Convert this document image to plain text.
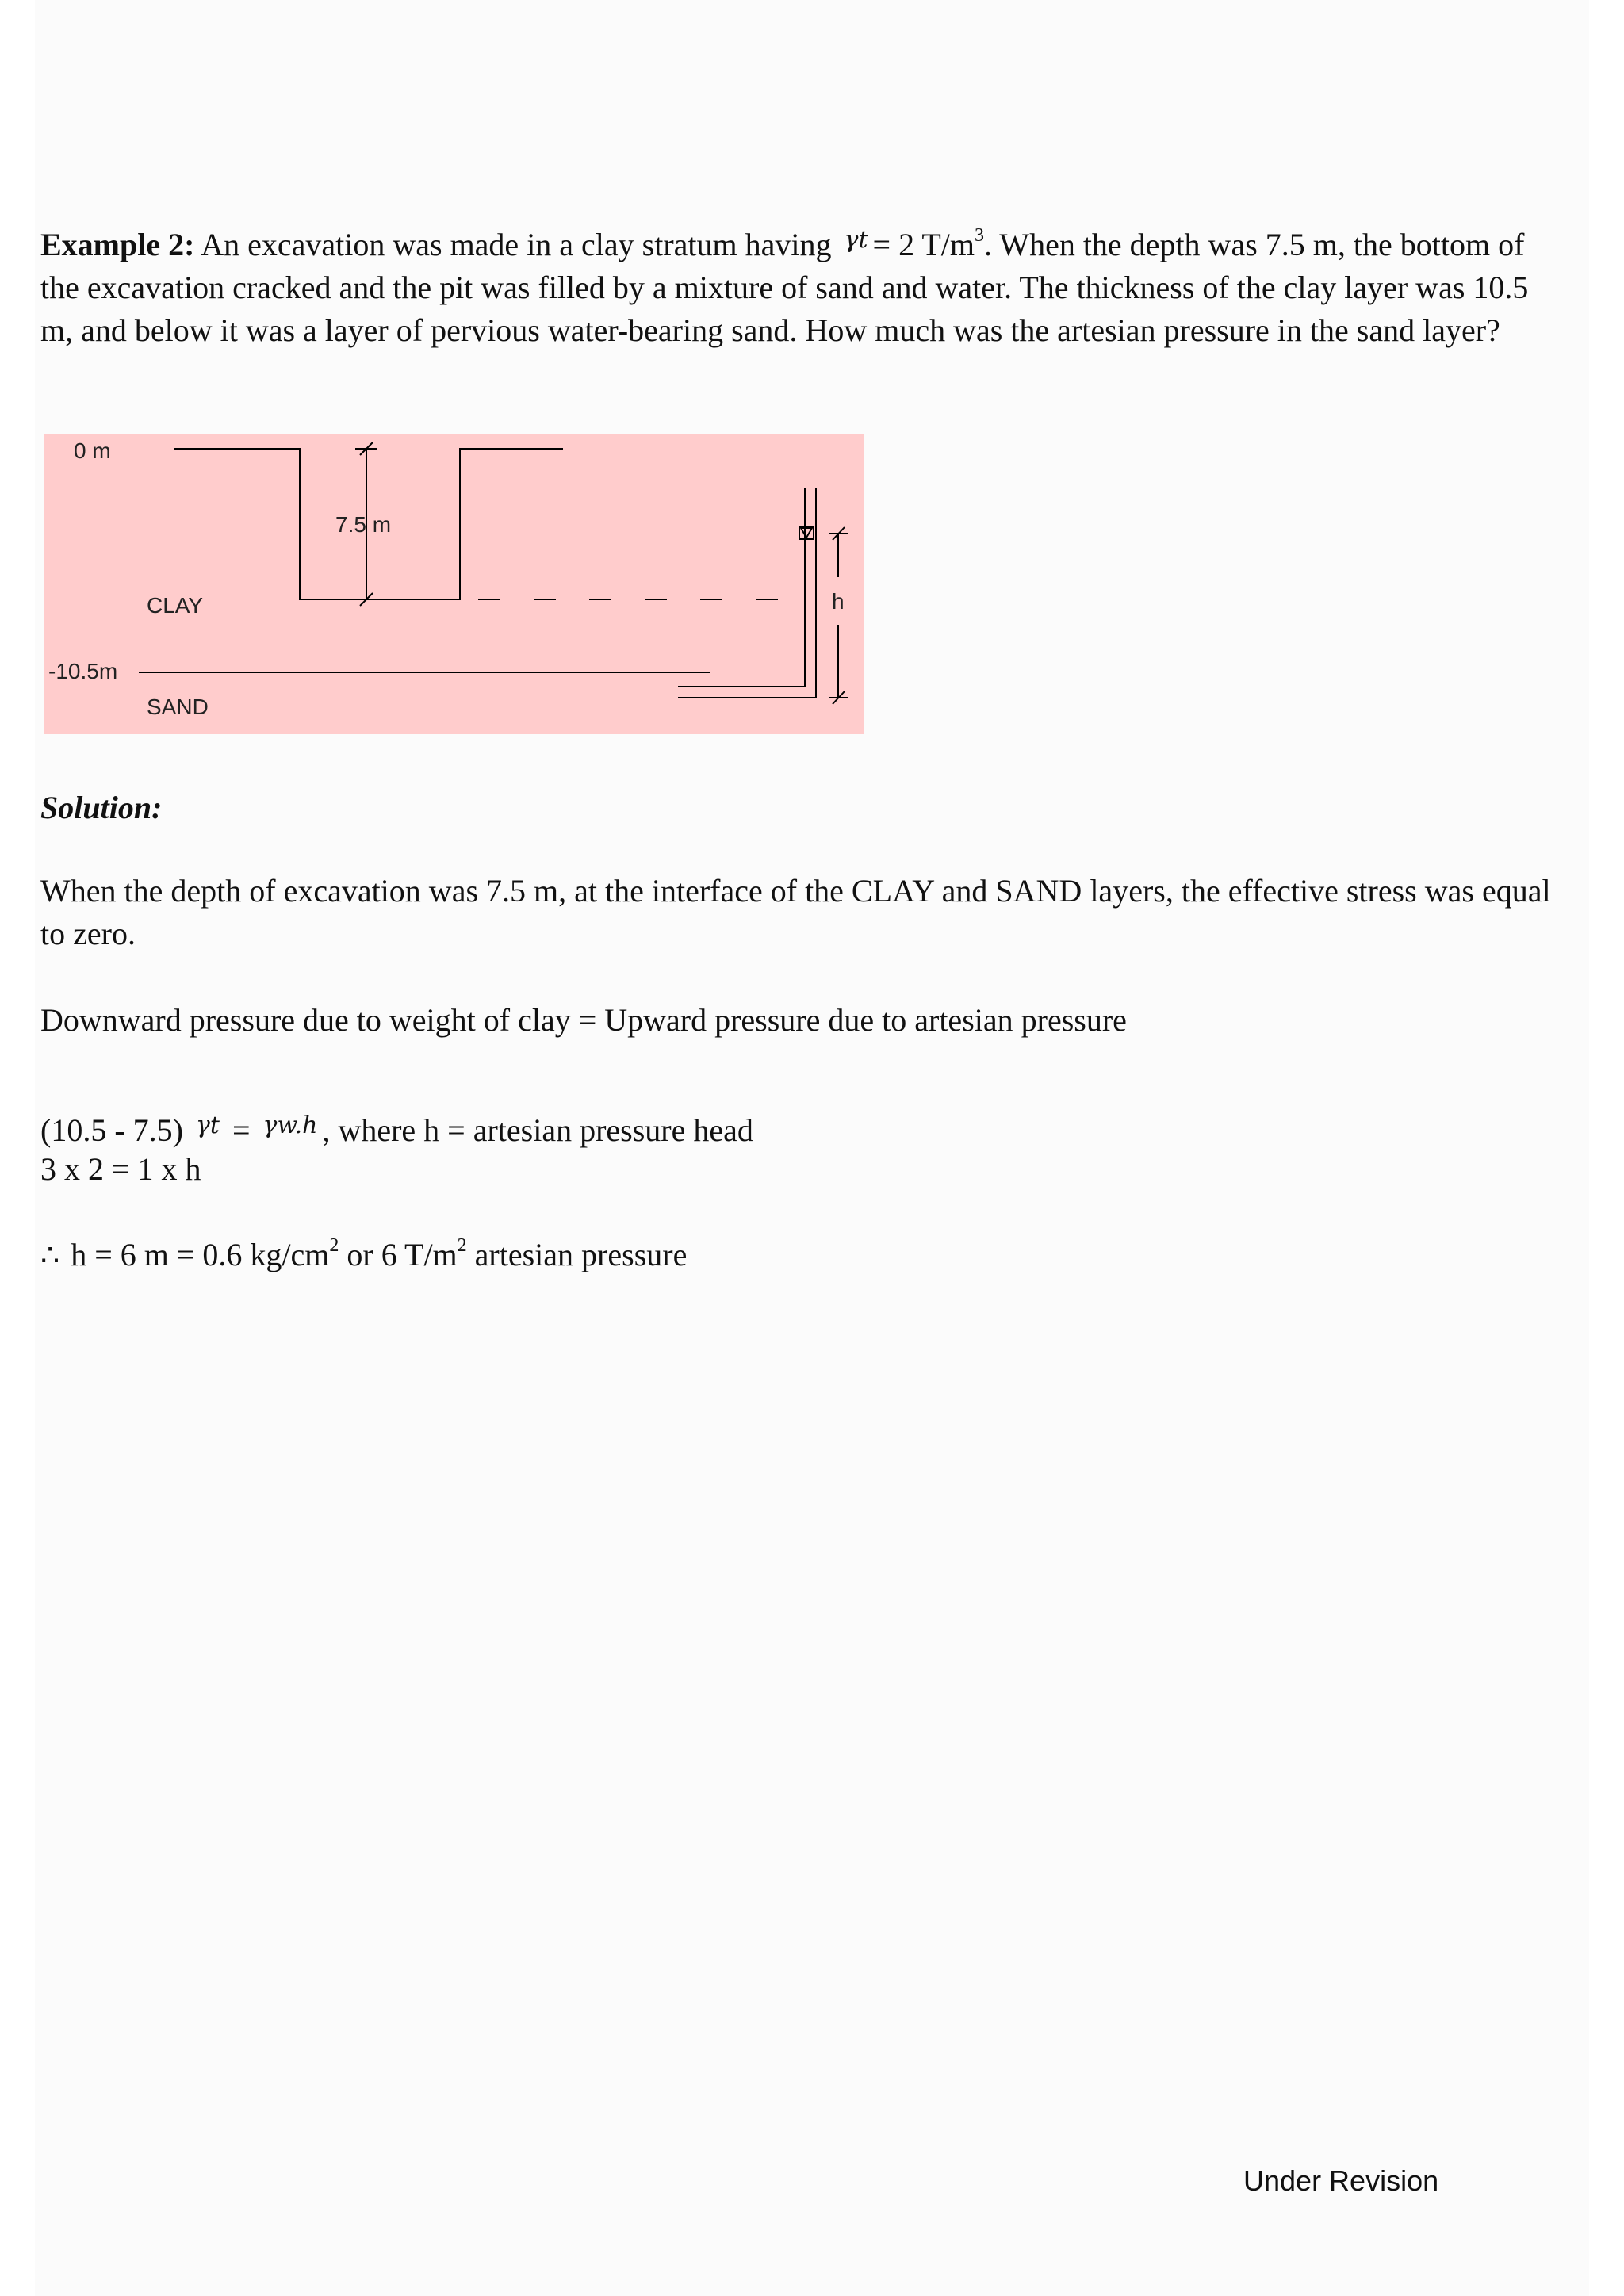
Example 2: An excavation was made in a clay stratum having $^{\gamma t}$ = 2 $T/m^3$. When the depth was 7.5 m, the bottom of the excavation cracked and the pit was filled by a mixture of sand and water. The thickness of the clay layer was 10.5 m, and below it was a layer of pervious water-bearing sand. How much was the artesian pressure in the sand layer?
7.5 m
0 m
CLAY
-10.5m
SAND
h
Solution:
When the depth of excavation was 7.5 m, at the interface of the CLAY and SAND layers, the effective stress was equal to zero.
Downward pressure due to weight of clay = Upward pressure due to artesian pressure
(10.5 - 7.5) $^{\gamma t}$ = $^{\gamma w.h}$ , where h = artesian pressure head
3 x 2 = 1 x h
∴ h = 6 m = 0.6 $kg/cm^2$ or 6 $T/m^2$ artesian pressure
Under Revision
